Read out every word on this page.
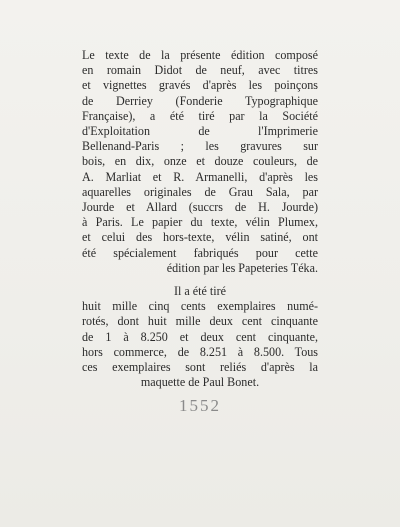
Le texte de la présente édition composé
en romain Didot de neuf, avec titres
et vignettes gravés d'après les poinçons
de Derriey (Fonderie Typographique
Française), a été tiré par la Société
d'Exploitation de l'Imprimerie
Bellenand-Paris ; les gravures sur
bois, en dix, onze et douze couleurs, de
A. Marliat et R. Armanelli, d'après les
aquarelles originales de Grau Sala, par
Jourde et Allard (succrs de H. Jourde)
à Paris. Le papier du texte, vélin Plumex,
et celui des hors-texte, vélin satiné, ont
été spécialement fabriqués pour cette
édition par les Papeteries Téka.
Il a été tiré
huit mille cinq cents exemplaires numé-
rotés, dont huit mille deux cent cinquante
de 1 à 8.250 et deux cent cinquante,
hors commerce, de 8.251 à 8.500. Tous
ces exemplaires sont reliés d'après la
maquette de Paul Bonet.
1552
